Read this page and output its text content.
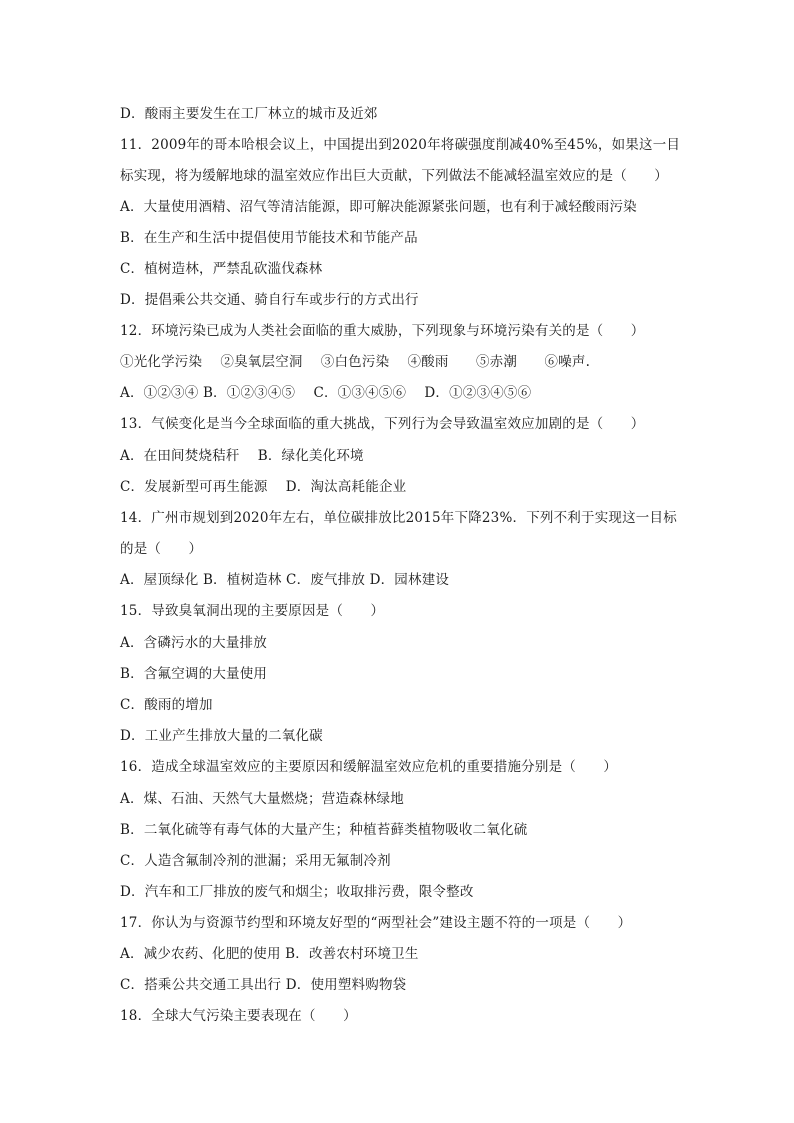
D．酸雨主要发生在工厂林立的城市及近郊
11．2009年的哥本哈根会议上，中国提出到2020年将碳强度削减40%至45%，如果这一目
标实现，将为缓解地球的温室效应作出巨大贡献，下列做法不能减轻温室效应的是（　　）
A．大量使用酒精、沼气等清洁能源，即可解决能源紧张问题，也有利于减轻酸雨污染
B．在生产和生活中提倡使用节能技术和节能产品
C．植树造林，严禁乱砍滥伐森林
D．提倡乘公共交通、骑自行车或步行的方式出行
12．环境污染已成为人类社会面临的重大威胁，下列现象与环境污染有关的是（　　）
①光化学污染　 ②臭氧层空洞　 ③白色污染　 ④酸雨　　⑤赤潮　　⑥噪声.
A．①②③④ B．①②③④⑤　 C．①③④⑤⑥　 D．①②③④⑤⑥
13．气候变化是当今全球面临的重大挑战，下列行为会导致温室效应加剧的是（　　）
A．在田间焚烧秸秆　 B．绿化美化环境
C．发展新型可再生能源　 D．淘汰高耗能企业
14．广州市规划到2020年左右，单位碳排放比2015年下降23%．下列不利于实现这一目标
的是（　　）
A．屋顶绿化 B．植树造林 C．废气排放 D．园林建设
15．导致臭氧洞出现的主要原因是（　　）
A．含磷污水的大量排放
B．含氟空调的大量使用
C．酸雨的增加
D．工业产生排放大量的二氧化碳
16．造成全球温室效应的主要原因和缓解温室效应危机的重要措施分别是（　　）
A．煤、石油、天然气大量燃烧；营造森林绿地
B．二氧化硫等有毒气体的大量产生；种植苔藓类植物吸收二氧化硫
C．人造含氟制冷剂的泄漏；采用无氟制冷剂
D．汽车和工厂排放的废气和烟尘；收取排污费，限令整改
17．你认为与资源节约型和环境友好型的“两型社会”建设主题不符的一项是（　　）
A．减少农药、化肥的使用 B．改善农村环境卫生
C．搭乘公共交通工具出行 D．使用塑料购物袋
18．全球大气污染主要表现在（　　）
